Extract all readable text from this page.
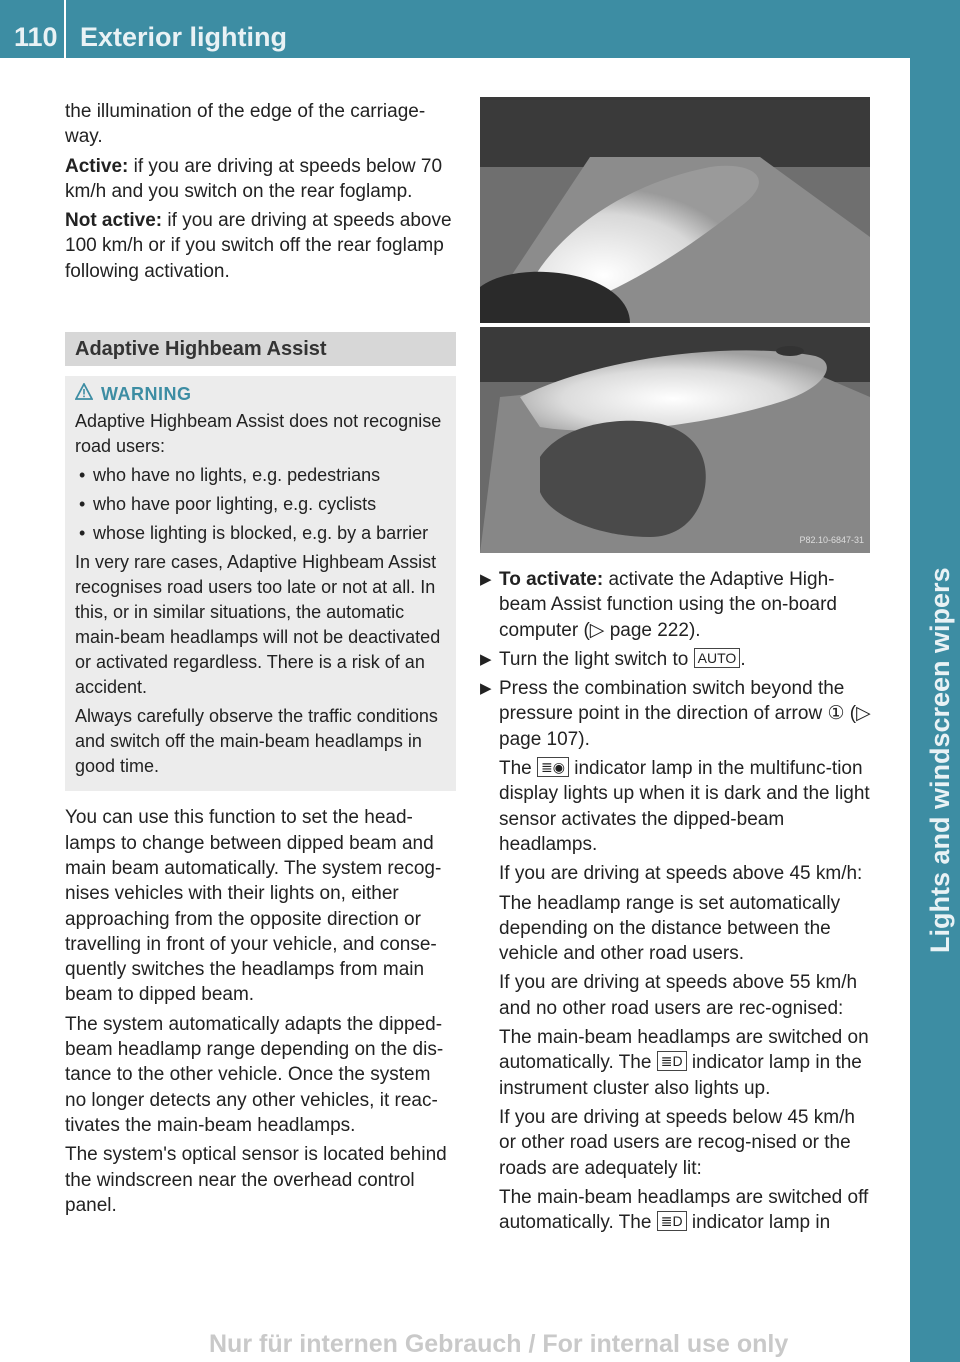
110 Exterior lighting
Lights and windscreen wipers

the illumination of the edge of the carriage-way.

Active: if you are driving at speeds below 70 km/h and you switch on the rear foglamp.

Not active: if you are driving at speeds above 100 km/h or if you switch off the rear foglamp following activation.

Adaptive Highbeam Assist
WARNING

Adaptive Highbeam Assist does not recognise road users:

• who have no lights, e.g. pedestrians
• who have poor lighting, e.g. cyclists
• whose lighting is blocked, e.g. by a barrier

In very rare cases, Adaptive Highbeam Assist recognises road users too late or not at all. In this, or in similar situations, the automatic main-beam headlamps will not be deactivated or activated regardless. There is a risk of an accident.

Always carefully observe the traffic conditions and switch off the main-beam headlamps in good time.

You can use this function to set the head-lamps to change between dipped beam and main beam automatically. The system recog-nises vehicles with their lights on, either approaching from the opposite direction or travelling in front of your vehicle, and conse-quently switches the headlamps from main beam to dipped beam.

The system automatically adapts the dipped-beam headlamp range depending on the dis-tance to the other vehicle. Once the system no longer detects any other vehicles, it reac-tivates the main-beam headlamps.

The system's optical sensor is located behind the windscreen near the overhead control panel.

P82.10-6847-31
▶ To activate: activate the Adaptive High-beam Assist function using the on-board computer (▷ page 222).
▶ Turn the light switch to AUTO .
▶ Press the combination switch beyond the pressure point in the direction of arrow ① (▷ page 107).

The ≣◉ indicator lamp in the multifunc-tion display lights up when it is dark and the light sensor activates the dipped-beam headlamps.

If you are driving at speeds above 45 km/h:

The headlamp range is set automatically depending on the distance between the vehicle and other road users.

If you are driving at speeds above 55 km/h and no other road users are rec-ognised:

The main-beam headlamps are switched on automatically. The ≣D indicator lamp in the instrument cluster also lights up.

If you are driving at speeds below 45 km/h or other road users are recog-nised or the roads are adequately lit:

The main-beam headlamps are switched off automatically. The ≣D indicator lamp in

Nur für internen Gebrauch / For internal use only
